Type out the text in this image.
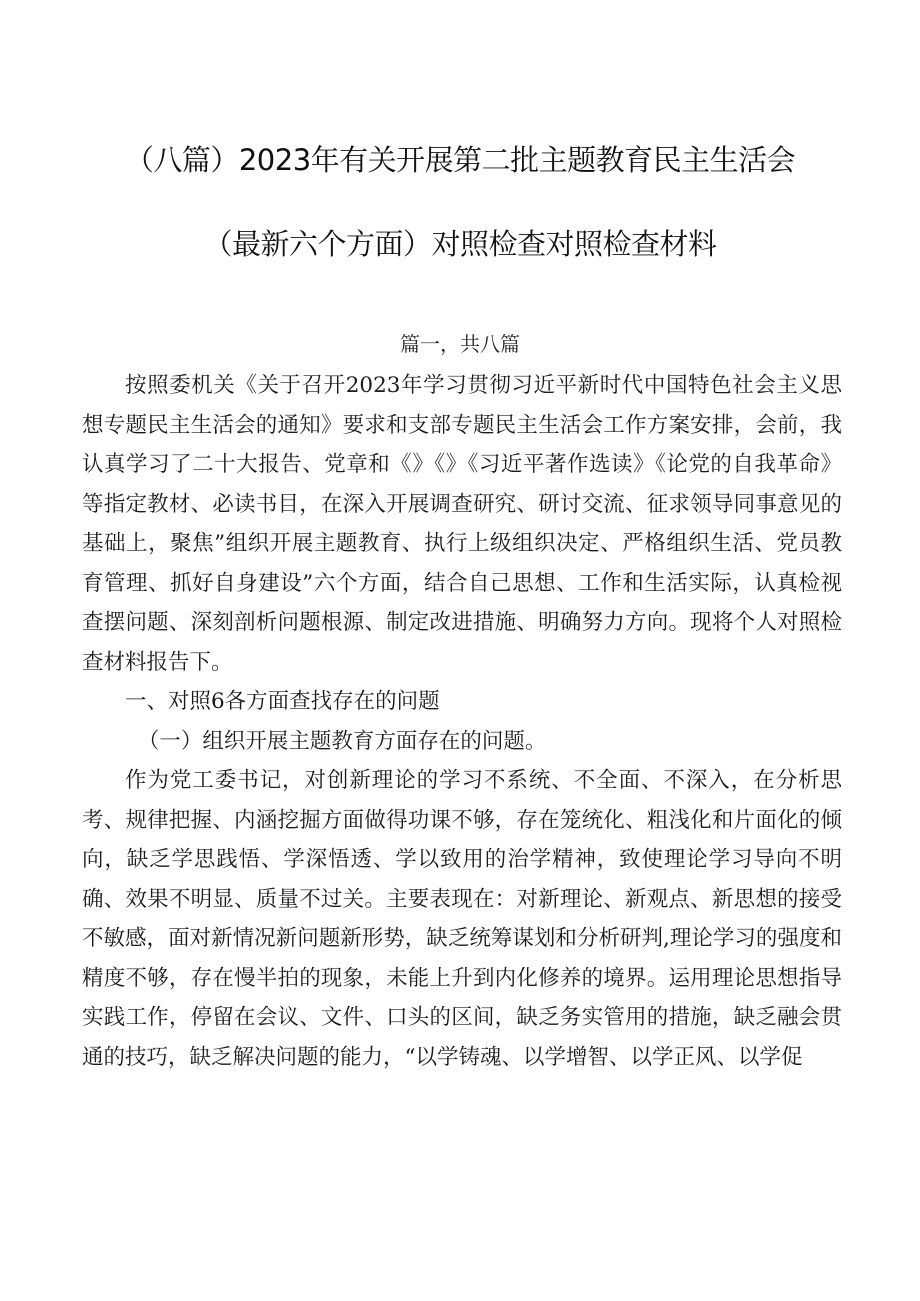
（八篇）2023年有关开展第二批主题教育民主生活会
（最新六个方面）对照检查对照检查材料
篇一，共八篇

按照委机关《关于召开2023年学习贯彻习近平新时代中国特色社会主义思想专题民主生活会的通知》要求和支部专题民主生活会工作方案安排，会前，我认真学习了二十大报告、党章和《》《》《习近平著作选读》《论党的自我革命》等指定教材、必读书目，在深入开展调查研究、研讨交流、征求领导同事意见的基础上，聚焦”组织开展主题教育、执行上级组织决定、严格组织生活、党员教育管理、抓好自身建设”六个方面，结合自己思想、工作和生活实际，认真检视查摆问题、深刻剖析问题根源、制定改进措施、明确努力方向。现将个人对照检查材料报告下。

一、对照6各方面查找存在的问题

（一）组织开展主题教育方面存在的问题。

作为党工委书记，对创新理论的学习不系统、不全面、不深入，在分析思考、规律把握、内涵挖掘方面做得功课不够，存在笼统化、粗浅化和片面化的倾向，缺乏学思践悟、学深悟透、学以致用的治学精神，致使理论学习导向不明确、效果不明显、质量不过关。主要表现在：对新理论、新观点、新思想的接受不敏感，面对新情况新问题新形势，缺乏统筹谋划和分析研判,理论学习的强度和精度不够，存在慢半拍的现象，未能上升到内化修养的境界。运用理论思想指导实践工作，停留在会议、文件、口头的区间，缺乏务实管用的措施，缺乏融会贯通的技巧，缺乏解决问题的能力，“以学铸魂、以学增智、以学正风、以学促
